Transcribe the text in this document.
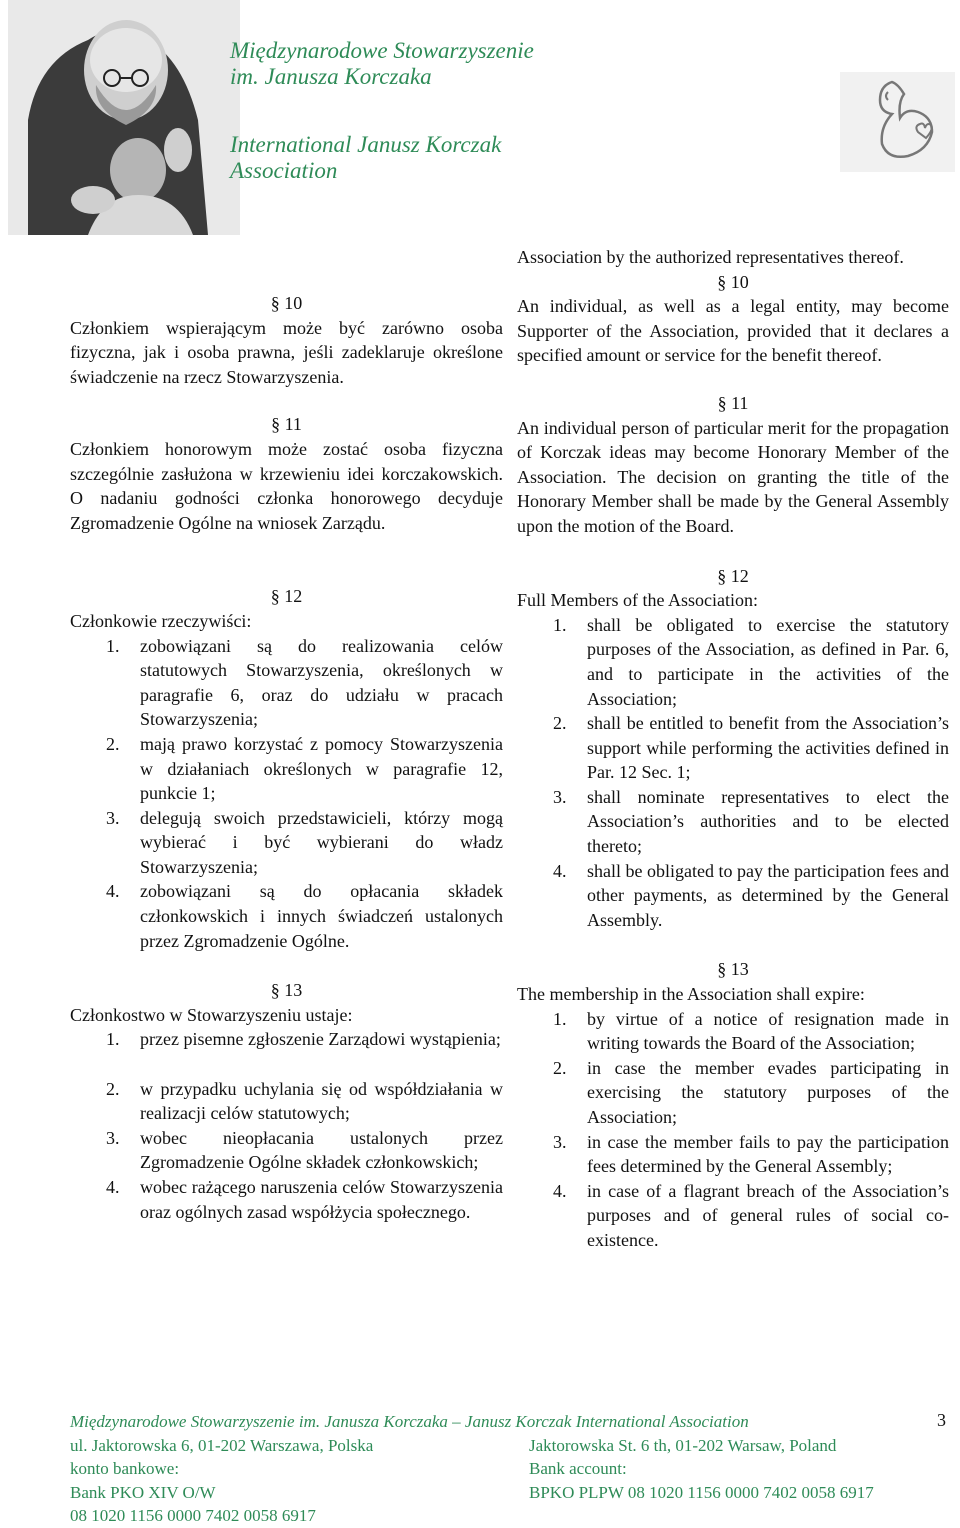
Międzynarodowe Stowarzyszenie
im. Janusza Korczaka
International Janusz Korczak
Association

§ 10

Członkiem wspierającym może być zarówno osoba fizyczna, jak i osoba prawna, jeśli zadeklaruje określone świadczenie na rzecz Stowarzyszenia.

§ 11

Członkiem honorowym może zostać osoba fizyczna szczególnie zasłużona w krzewieniu idei korczakowskich. O nadaniu godności członka honorowego decyduje Zgromadzenie Ogólne na wniosek Zarządu.

§ 12

Członkowie rzeczywiści:

1. zobowiązani są do realizowania celów statutowych Stowarzyszenia, określonych w paragrafie 6, oraz do udziału w pracach Stowarzyszenia;
2. mają prawo korzystać z pomocy Stowarzyszenia w działaniach określonych w paragrafie 12, punkcie 1;
3. delegują swoich przedstawicieli, którzy mogą wybierać i być wybierani do władz Stowarzyszenia;
4. zobowiązani są do opłacania składek członkowskich i innych świadczeń ustalonych przez Zgromadzenie Ogólne.

§ 13

Członkostwo w Stowarzyszeniu ustaje:

1. przez pisemne zgłoszenie Zarządowi wystąpienia;
2. w przypadku uchylania się od współdziałania w realizacji celów statutowych;
3. wobec nieopłacania ustalonych przez Zgromadzenie Ogólne składek członkowskich;
4. wobec rażącego naruszenia celów Stowarzyszenia oraz ogólnych zasad współżycia społecznego.

Association by the authorized representatives thereof.

§ 10

An individual, as well as a legal entity, may become Supporter of the Association, provided that it declares a specified amount or service for the benefit thereof.

§ 11

An individual person of particular merit for the propagation of Korczak ideas may become Honorary Member of the Association. The decision on granting the title of the Honorary Member shall be made by the General Assembly upon the motion of the Board.

§ 12

Full Members of the Association:

1. shall be obligated to exercise the statutory purposes of the Association, as defined in Par. 6, and to participate in the activities of the Association;
2. shall be entitled to benefit from the Association’s support while performing the activities defined in Par. 12 Sec. 1;
3. shall nominate representatives to elect the Association’s authorities and to be elected thereto;
4. shall be obligated to pay the participation fees and other payments, as determined by the General Assembly.

§ 13

The membership in the Association shall expire:

1. by virtue of a notice of resignation made in writing towards the Board of the Association;
2. in case the member evades participating in exercising the statutory purposes of the Association;
3. in case the member fails to pay the participation fees determined by the General Assembly;
4. in case of a flagrant breach of the Association’s purposes and of general rules of social co-existence.
Międzynarodowe Stowarzyszenie im. Janusza Korczaka – Janusz Korczak International Association
ul. Jaktorowska 6, 01-202 Warszawa, Polska	Jaktorowska St. 6 th, 01-202 Warsaw, Poland
konto bankowe:	Bank account:
Bank PKO XIV O/W	BPKO PLPW 08 1020 1156 0000 7402 0058 6917
08 1020 1156 0000 7402 0058 6917
3
